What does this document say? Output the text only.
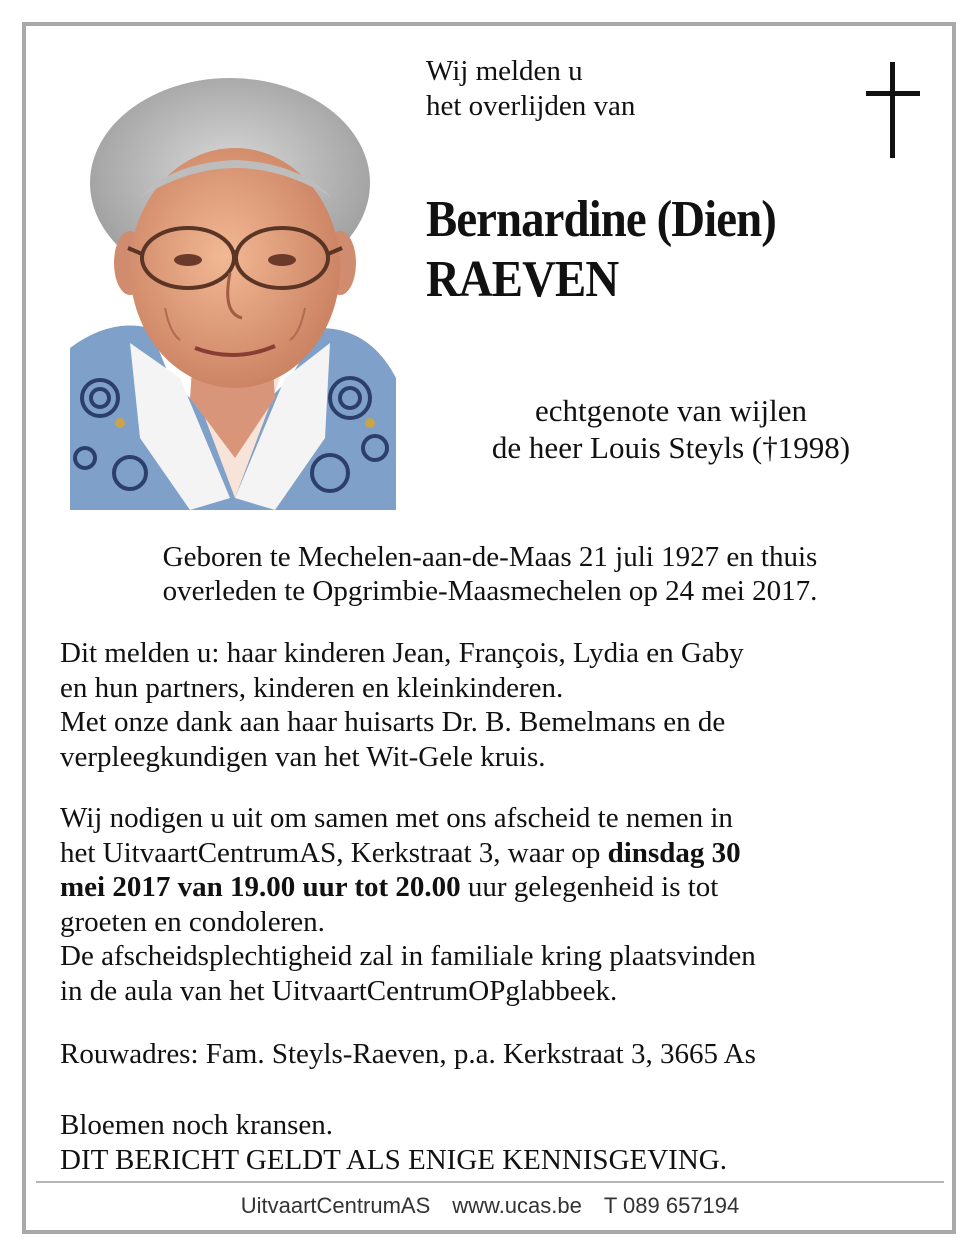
Wij melden u
het overlijden van

Bernardine (Dien)
RAEVEN

echtgenote van wijlen
de heer Louis Steyls (†1998)

Geboren te Mechelen-aan-de-Maas 21 juli 1927 en thuis
overleden te Opgrimbie-Maasmechelen op 24 mei 2017.

Dit melden u: haar kinderen Jean, François, Lydia en Gaby
en hun partners, kinderen en kleinkinderen.
Met onze dank aan haar huisarts Dr. B. Bemelmans en de
verpleegkundigen van het Wit-Gele kruis.

Wij nodigen u uit om samen met ons afscheid te nemen in
het UitvaartCentrumAS, Kerkstraat 3, waar op dinsdag 30
mei 2017 van 19.00 uur tot 20.00 uur gelegenheid is tot
groeten en condoleren.
De afscheidsplechtigheid zal in familiale kring plaatsvinden
in de aula van het UitvaartCentrumOPglabbeek.

Rouwadres: Fam. Steyls-Raeven, p.a. Kerkstraat 3, 3665 As

Bloemen noch kransen.
DIT BERICHT GELDT ALS ENIGE KENNISGEVING.

UitvaartCentrumAS www.ucas.be T 089 657194
